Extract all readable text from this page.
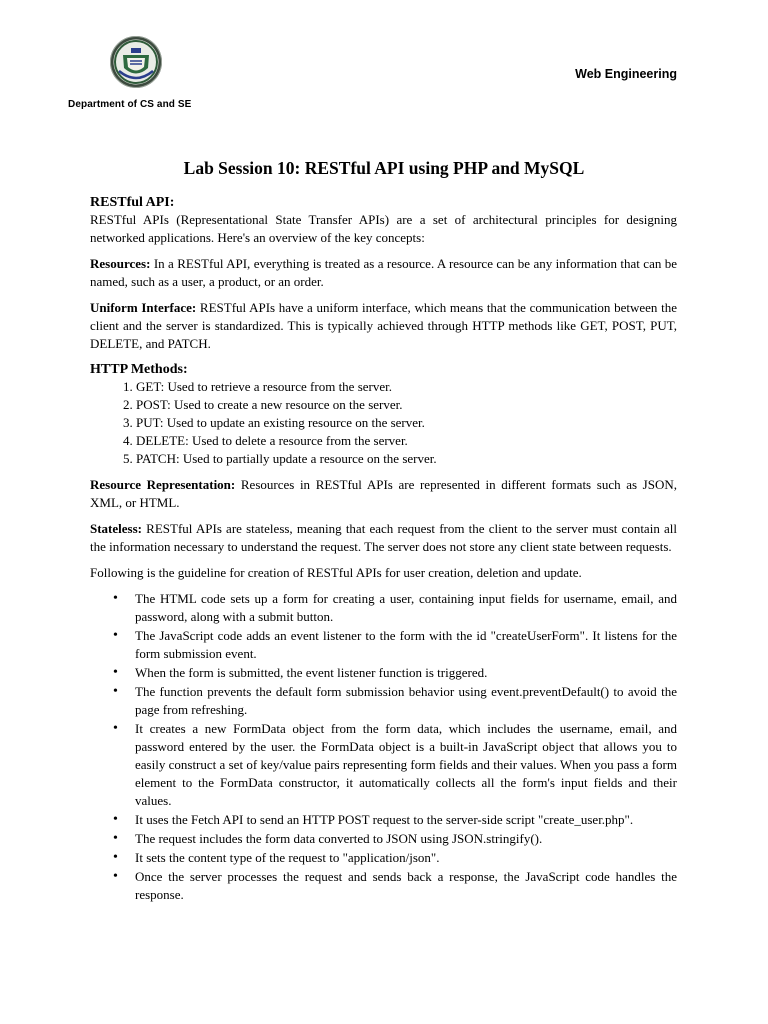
Department of CS and SE
Web Engineering
Lab Session 10: RESTful API using PHP and MySQL

RESTful API:

RESTful APIs (Representational State Transfer APIs) are a set of architectural principles for designing networked applications. Here's an overview of the key concepts:

Resources: In a RESTful API, everything is treated as a resource. A resource can be any information that can be named, such as a user, a product, or an order.

Uniform Interface: RESTful APIs have a uniform interface, which means that the communication between the client and the server is standardized. This is typically achieved through HTTP methods like GET, POST, PUT, DELETE, and PATCH.

HTTP Methods:

1. GET: Used to retrieve a resource from the server.
2. POST: Used to create a new resource on the server.
3. PUT: Used to update an existing resource on the server.
4. DELETE: Used to delete a resource from the server.
5. PATCH: Used to partially update a resource on the server.

Resource Representation: Resources in RESTful APIs are represented in different formats such as JSON, XML, or HTML.

Stateless: RESTful APIs are stateless, meaning that each request from the client to the server must contain all the information necessary to understand the request. The server does not store any client state between requests.

Following is the guideline for creation of RESTful APIs for user creation, deletion and update.

• The HTML code sets up a form for creating a user, containing input fields for username, email, and password, along with a submit button.
• The JavaScript code adds an event listener to the form with the id "createUserForm". It listens for the form submission event.
• When the form is submitted, the event listener function is triggered.
• The function prevents the default form submission behavior using event.preventDefault() to avoid the page from refreshing.
• It creates a new FormData object from the form data, which includes the username, email, and password entered by the user. the FormData object is a built-in JavaScript object that allows you to easily construct a set of key/value pairs representing form fields and their values. When you pass a form element to the FormData constructor, it automatically collects all the form's input fields and their values.
• It uses the Fetch API to send an HTTP POST request to the server-side script "create_user.php".
• The request includes the form data converted to JSON using JSON.stringify().
• It sets the content type of the request to "application/json".
• Once the server processes the request and sends back a response, the JavaScript code handles the response.
